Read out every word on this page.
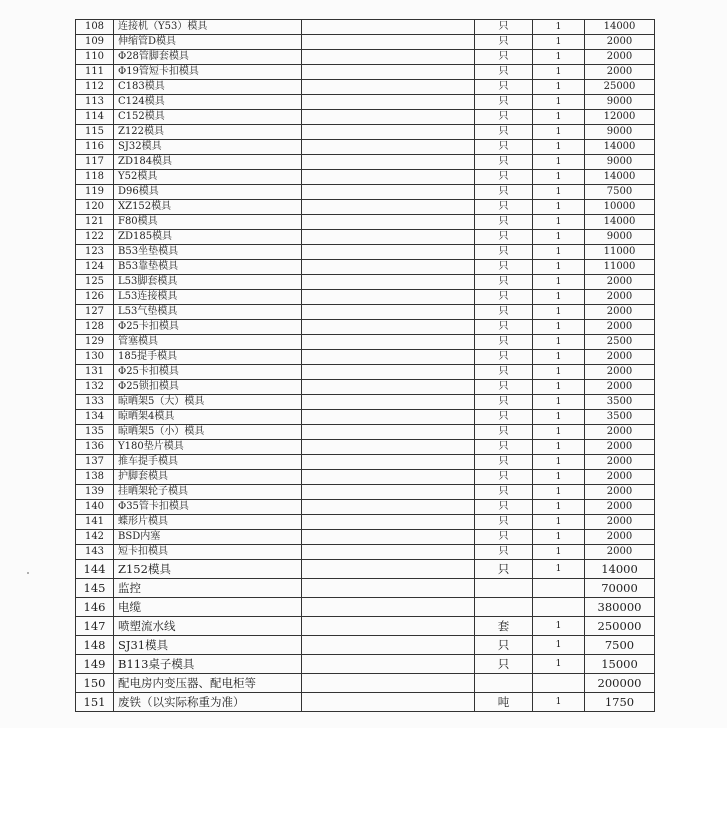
108	连接机（Y53）模具		只	1	14000
109	伸缩管D模具		只	1	2000
110	Φ28管脚套模具		只	1	2000
111	Φ19管短卡扣模具		只	1	2000
112	C183模具		只	1	25000
113	C124模具		只	1	9000
114	C152模具		只	1	12000
115	Z122模具		只	1	9000
116	SJ32模具		只	1	14000
117	ZD184模具		只	1	9000
118	Y52模具		只	1	14000
119	D96模具		只	1	7500
120	XZ152模具		只	1	10000
121	F80模具		只	1	14000
122	ZD185模具		只	1	9000
123	B53坐垫模具		只	1	11000
124	B53靠垫模具		只	1	11000
125	L53脚套模具		只	1	2000
126	L53连接模具		只	1	2000
127	L53气垫模具		只	1	2000
128	Φ25卡扣模具		只	1	2000
129	管塞模具		只	1	2500
130	185提手模具		只	1	2000
131	Φ25卡扣模具		只	1	2000
132	Φ25锁扣模具		只	1	2000
133	晾晒架5（大）模具		只	1	3500
134	晾晒架4模具		只	1	3500
135	晾晒架5（小）模具		只	1	2000
136	Y180垫片模具		只	1	2000
137	推车提手模具		只	1	2000
138	护脚套模具		只	1	2000
139	挂晒架轮子模具		只	1	2000
140	Φ35管卡扣模具		只	1	2000
141	蝶形片模具		只	1	2000
142	BSD内塞		只	1	2000
143	短卡扣模具		只	1	2000
144	Z152模具		只	1	14000
145	监控				70000
146	电缆				380000
147	喷塑流水线		套	1	250000
148	SJ31模具		只	1	7500
149	B113桌子模具		只	1	15000
150	配电房内变压器、配电柜等				200000
151	废铁（以实际称重为准）		吨	1	1750
